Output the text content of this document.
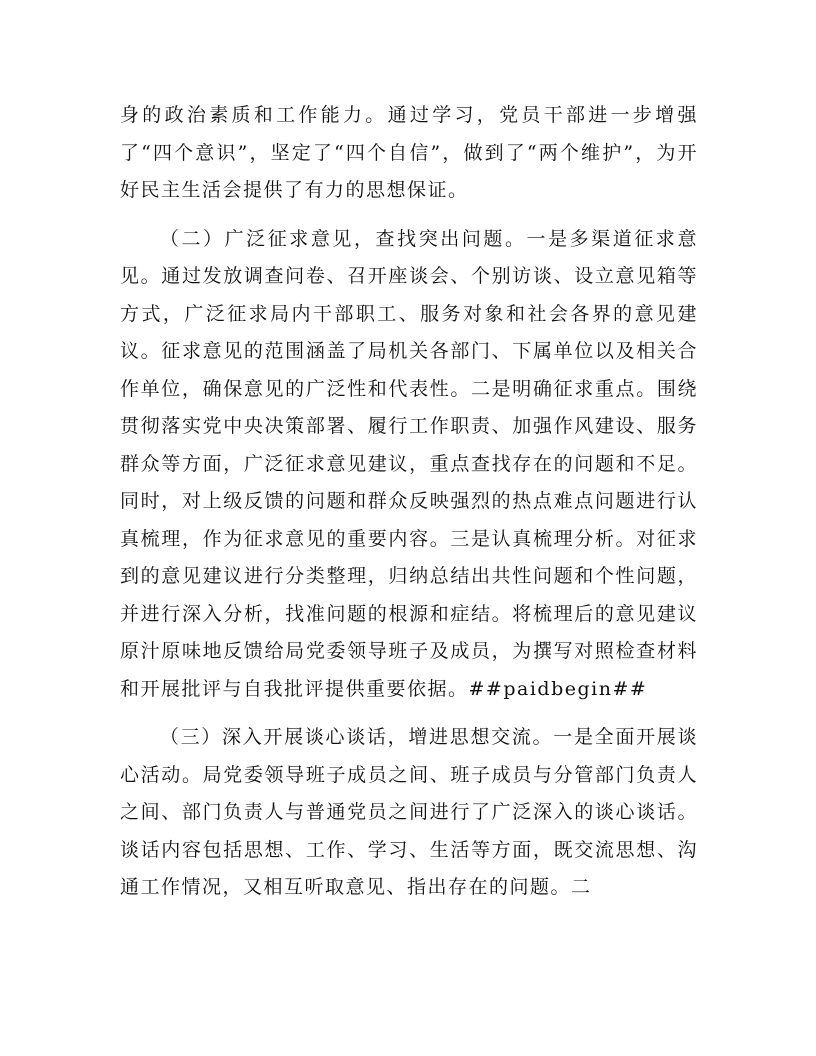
身的政治素质和工作能力。通过学习，党员干部进一步增强了“四个意识”，坚定了“四个自信”，做到了“两个维护”，为开好民主生活会提供了有力的思想保证。

（二）广泛征求意见，查找突出问题。一是多渠道征求意见。通过发放调查问卷、召开座谈会、个别访谈、设立意见箱等方式，广泛征求局内干部职工、服务对象和社会各界的意见建议。征求意见的范围涵盖了局机关各部门、下属单位以及相关合作单位，确保意见的广泛性和代表性。二是明确征求重点。围绕贯彻落实党中央决策部署、履行工作职责、加强作风建设、服务群众等方面，广泛征求意见建议，重点查找存在的问题和不足。同时，对上级反馈的问题和群众反映强烈的热点难点问题进行认真梳理，作为征求意见的重要内容。三是认真梳理分析。对征求到的意见建议进行分类整理，归纳总结出共性问题和个性问题，并进行深入分析，找准问题的根源和症结。将梳理后的意见建议原汁原味地反馈给局党委领导班子及成员，为撰写对照检查材料和开展批评与自我批评提供重要依据。##paidbegin##

（三）深入开展谈心谈话，增进思想交流。一是全面开展谈心活动。局党委领导班子成员之间、班子成员与分管部门负责人之间、部门负责人与普通党员之间进行了广泛深入的谈心谈话。谈话内容包括思想、工作、学习、生活等方面，既交流思想、沟通工作情况，又相互听取意见、指出存在的问题。二
